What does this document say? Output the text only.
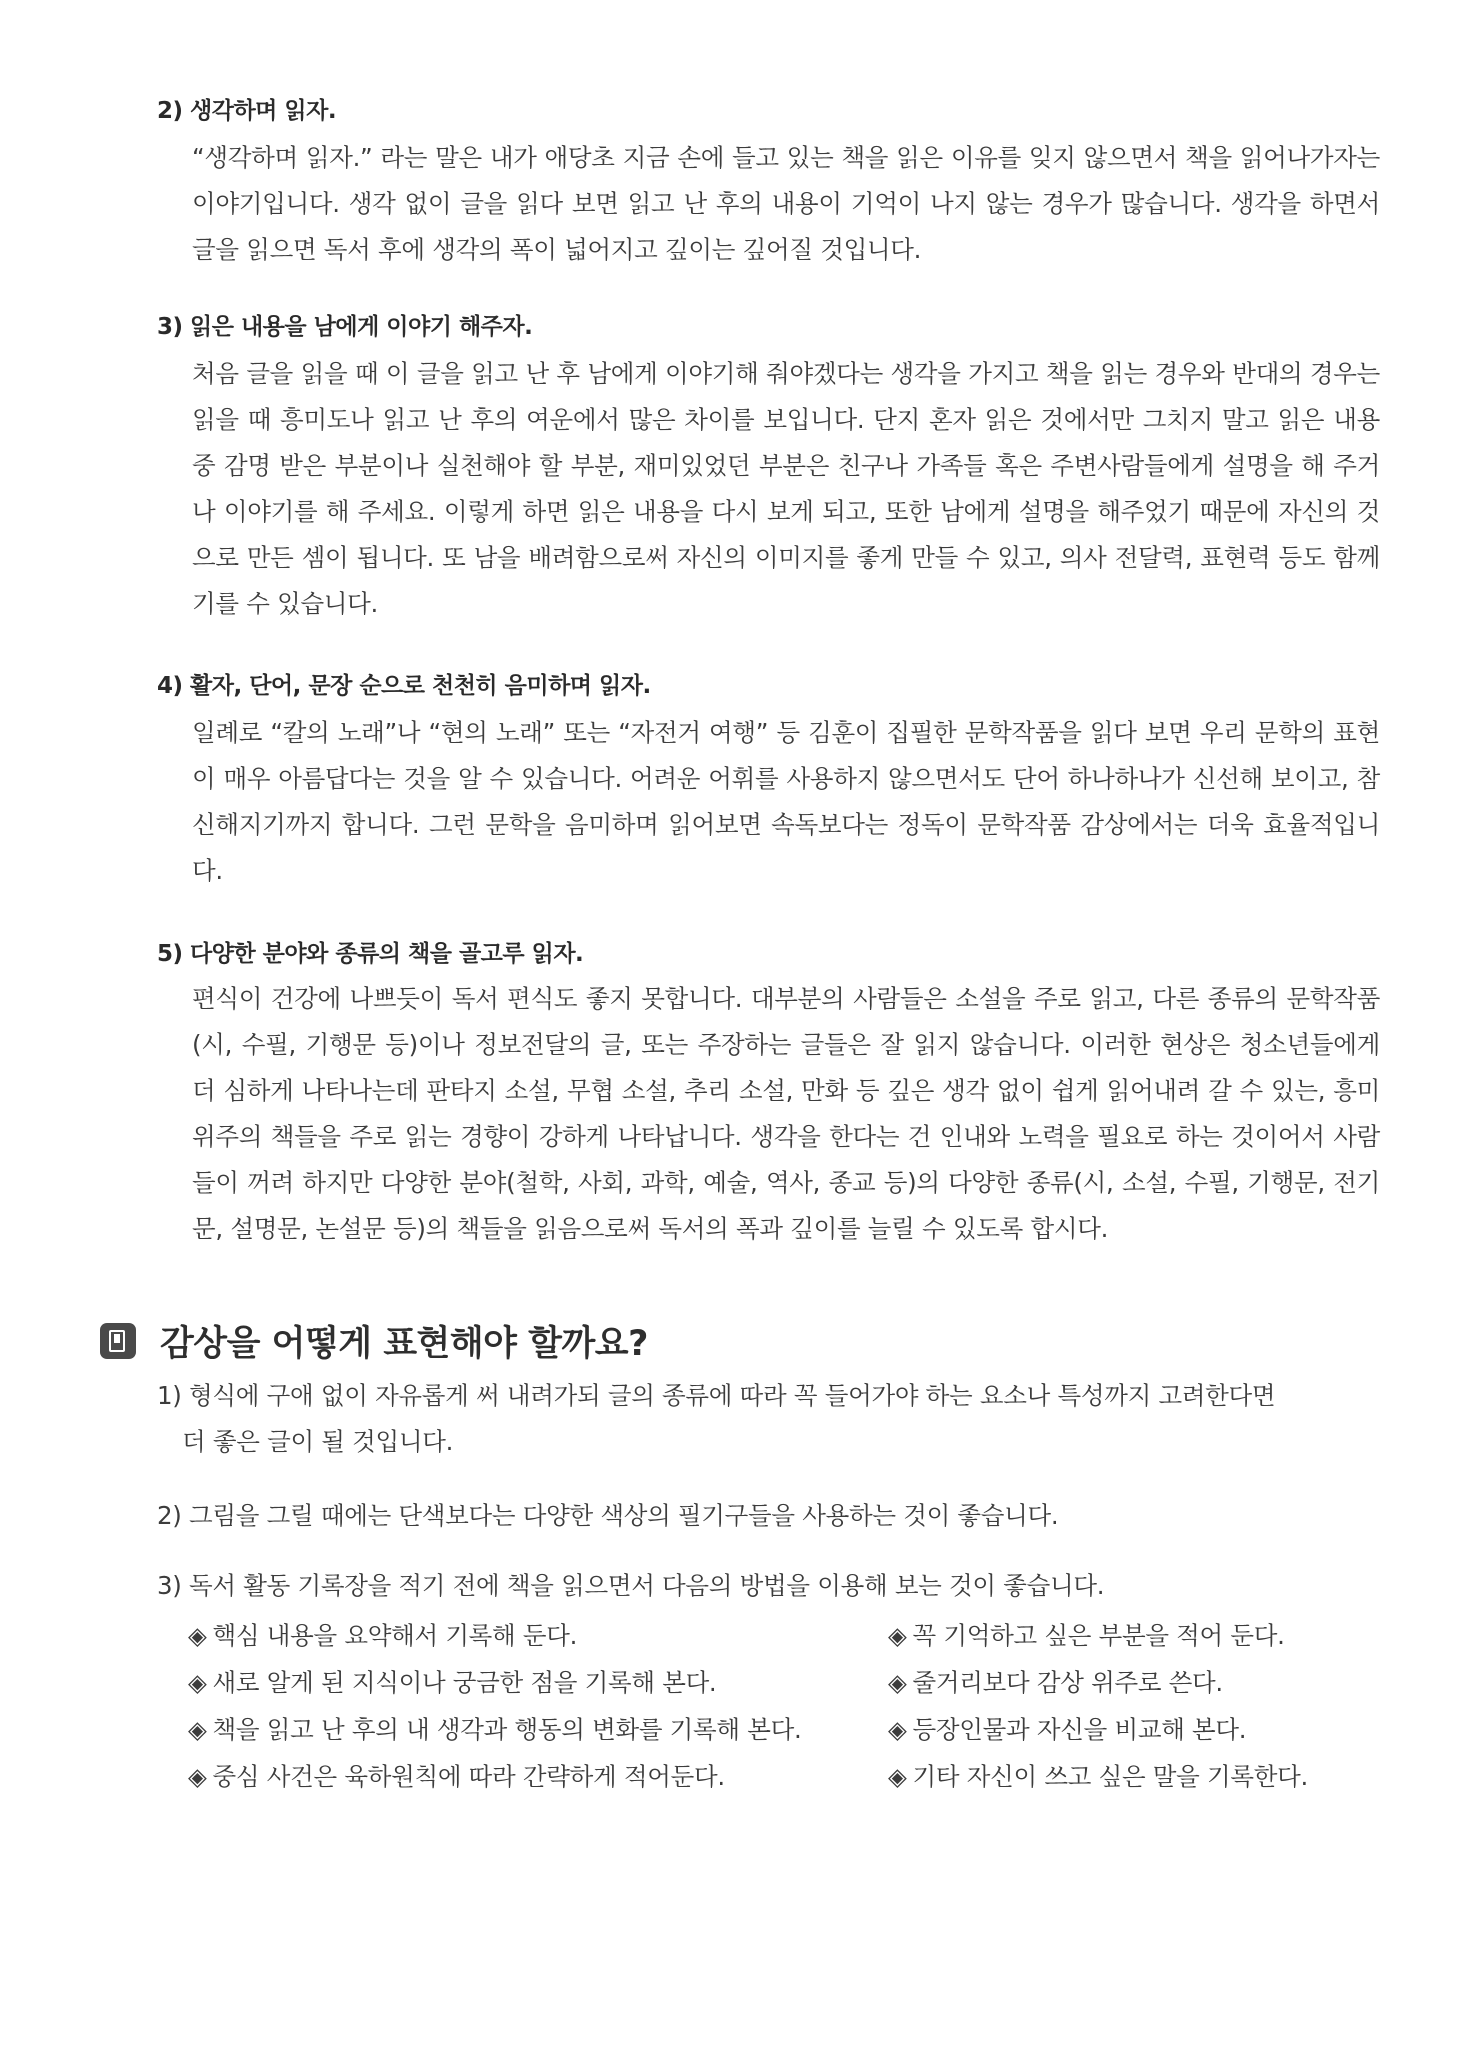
2) 생각하며 읽자.

“생각하며 읽자.” 라는 말은 내가 애당초 지금 손에 들고 있는 책을 읽은 이유를 잊지 않으면서 책을 읽어나가자는 이야기입니다. 생각 없이 글을 읽다 보면 읽고 난 후의 내용이 기억이 나지 않는 경우가 많습니다. 생각을 하면서 글을 읽으면 독서 후에 생각의 폭이 넓어지고 깊이는 깊어질 것입니다.

3) 읽은 내용을 남에게 이야기 해주자.

처음 글을 읽을 때 이 글을 읽고 난 후 남에게 이야기해 줘야겠다는 생각을 가지고 책을 읽는 경우와 반대의 경우는 읽을 때 흥미도나 읽고 난 후의 여운에서 많은 차이를 보입니다. 단지 혼자 읽은 것에서만 그치지 말고 읽은 내용 중 감명 받은 부분이나 실천해야 할 부분, 재미있었던 부분은 친구나 가족들 혹은 주변사람들에게 설명을 해 주거나 이야기를 해 주세요. 이렇게 하면 읽은 내용을 다시 보게 되고, 또한 남에게 설명을 해주었기 때문에 자신의 것으로 만든 셈이 됩니다. 또 남을 배려함으로써 자신의 이미지를 좋게 만들 수 있고, 의사 전달력, 표현력 등도 함께 기를 수 있습니다.

4) 활자, 단어, 문장 순으로 천천히 음미하며 읽자.

일례로 “칼의 노래”나 “현의 노래” 또는 “자전거 여행” 등 김훈이 집필한 문학작품을 읽다 보면 우리 문학의 표현이 매우 아름답다는 것을 알 수 있습니다. 어려운 어휘를 사용하지 않으면서도 단어 하나하나가 신선해 보이고, 참신해지기까지 합니다. 그런 문학을 음미하며 읽어보면 속독보다는 정독이 문학작품 감상에서는 더욱 효율적입니다.

5) 다양한 분야와 종류의 책을 골고루 읽자.

편식이 건강에 나쁘듯이 독서 편식도 좋지 못합니다. 대부분의 사람들은 소설을 주로 읽고, 다른 종류의 문학작품(시, 수필, 기행문 등)이나 정보전달의 글, 또는 주장하는 글들은 잘 읽지 않습니다. 이러한 현상은 청소년들에게 더 심하게 나타나는데 판타지 소설, 무협 소설, 추리 소설, 만화 등 깊은 생각 없이 쉽게 읽어내려 갈 수 있는, 흥미 위주의 책들을 주로 읽는 경향이 강하게 나타납니다. 생각을 한다는 건 인내와 노력을 필요로 하는 것이어서 사람들이 꺼려 하지만 다양한 분야(철학, 사회, 과학, 예술, 역사, 종교 등)의 다양한 종류(시, 소설, 수필, 기행문, 전기문, 설명문, 논설문 등)의 책들을 읽음으로써 독서의 폭과 깊이를 늘릴 수 있도록 합시다.

감상을 어떻게 표현해야 할까요?

1) 형식에 구애 없이 자유롭게 써 내려가되 글의 종류에 따라 꼭 들어가야 하는 요소나 특성까지 고려한다면
더 좋은 글이 될 것입니다.

2) 그림을 그릴 때에는 단색보다는 다양한 색상의 필기구들을 사용하는 것이 좋습니다.

3) 독서 활동 기록장을 적기 전에 책을 읽으면서 다음의 방법을 이용해 보는 것이 좋습니다.

◈ 핵심 내용을 요약해서 기록해 둔다.
◈ 새로 알게 된 지식이나 궁금한 점을 기록해 본다.
◈ 책을 읽고 난 후의 내 생각과 행동의 변화를 기록해 본다.
◈ 중심 사건은 육하원칙에 따라 간략하게 적어둔다.
◈ 꼭 기억하고 싶은 부분을 적어 둔다.
◈ 줄거리보다 감상 위주로 쓴다.
◈ 등장인물과 자신을 비교해 본다.
◈ 기타 자신이 쓰고 싶은 말을 기록한다.
